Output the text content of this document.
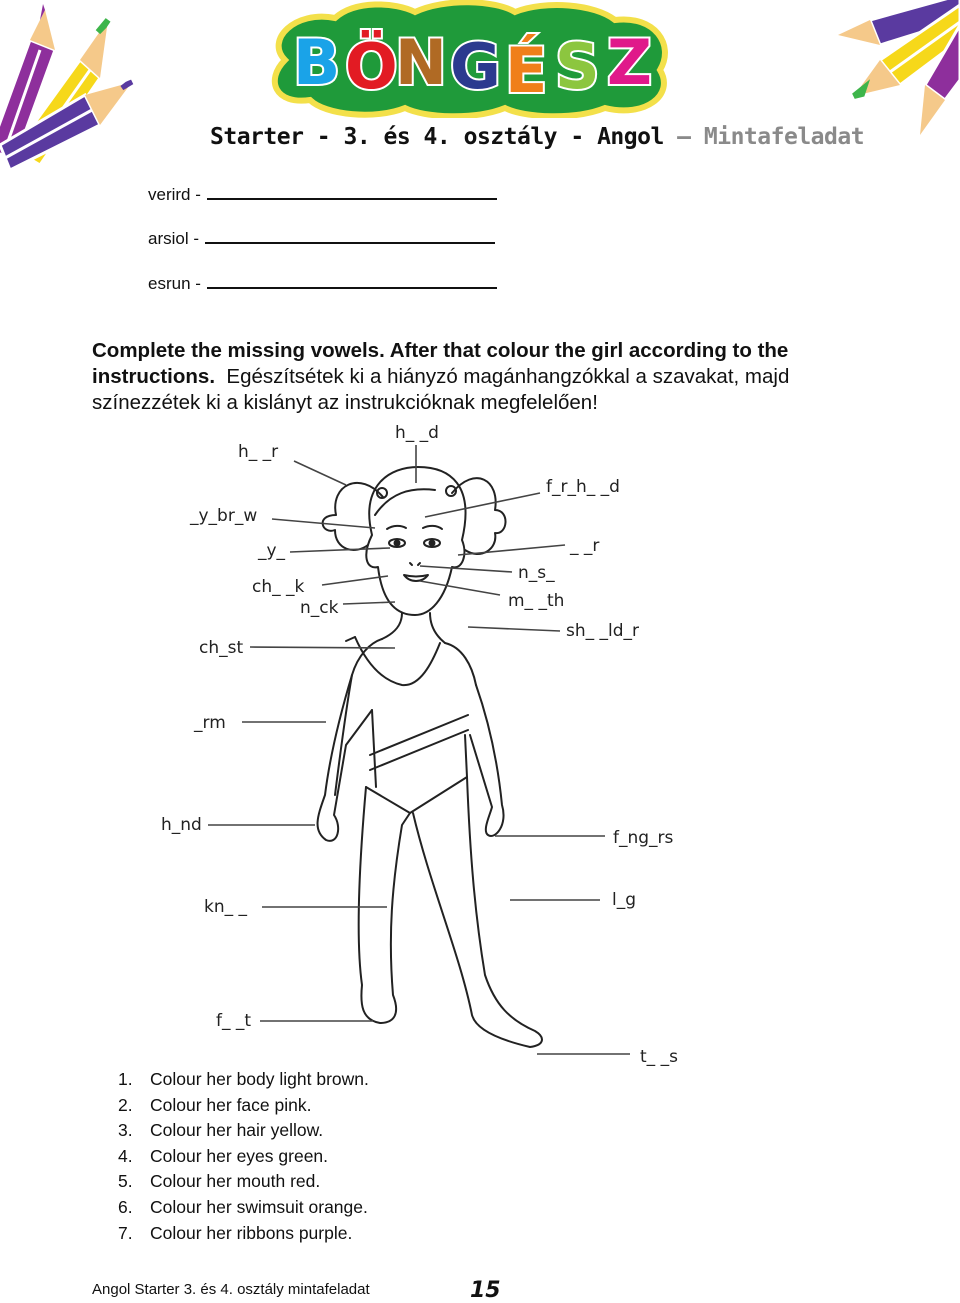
B Ö
N G É S Z
Starter - 3. és 4. osztály - Angol – Mintafeladat
verird -
arsiol -
esrun -
Complete the missing vowels. After that colour the girl according to the instructions. Egészítsétek ki a hiányzó magánhangzókkal a szavakat, majd színezzétek ki a kislányt az instrukcióknak megfelelően!
h_ _d
h_ _r
f_r_h_ _d
_y_br_w
_y_	_ _r
ch_ _k
n_s_
n_ck	m_ _th
sh_ _ld_r
ch_st
_rm
h_nd
f_ng_rs
kn_ _	l_g
f_ _t
t_ _s
1. Colour her body light brown.
2. Colour her face pink.
3. Colour her hair yellow.
4. Colour her eyes green.
5. Colour her mouth red.
6. Colour her swimsuit orange.
7. Colour her ribbons purple.
Angol Starter 3. és 4. osztály mintafeladat	15
